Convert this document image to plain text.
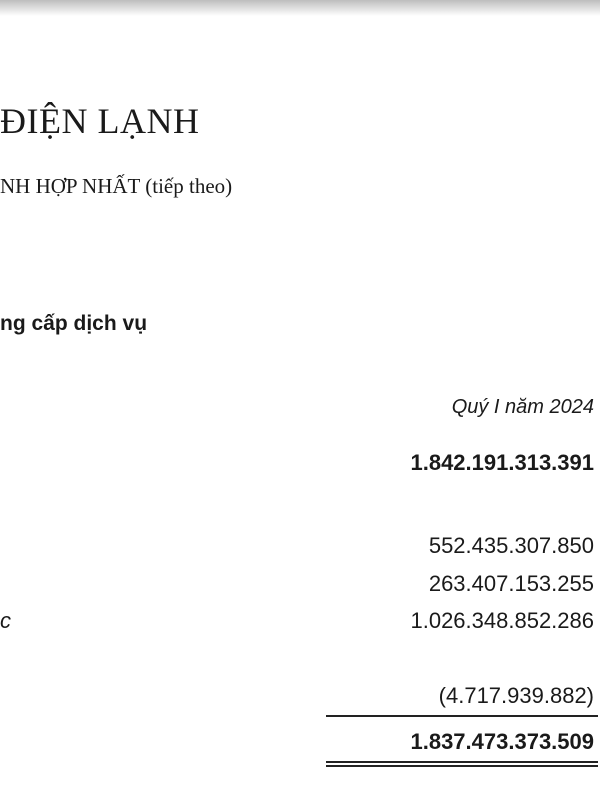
ĐIỆN LẠNH
NH HỢP NHẤT (tiếp theo)
ng cấp dịch vụ
Quý I năm 2024
1.842.191.313.391
552.435.307.850
263.407.153.255
c	1.026.348.852.286
(4.717.939.882)
1.837.473.373.509
